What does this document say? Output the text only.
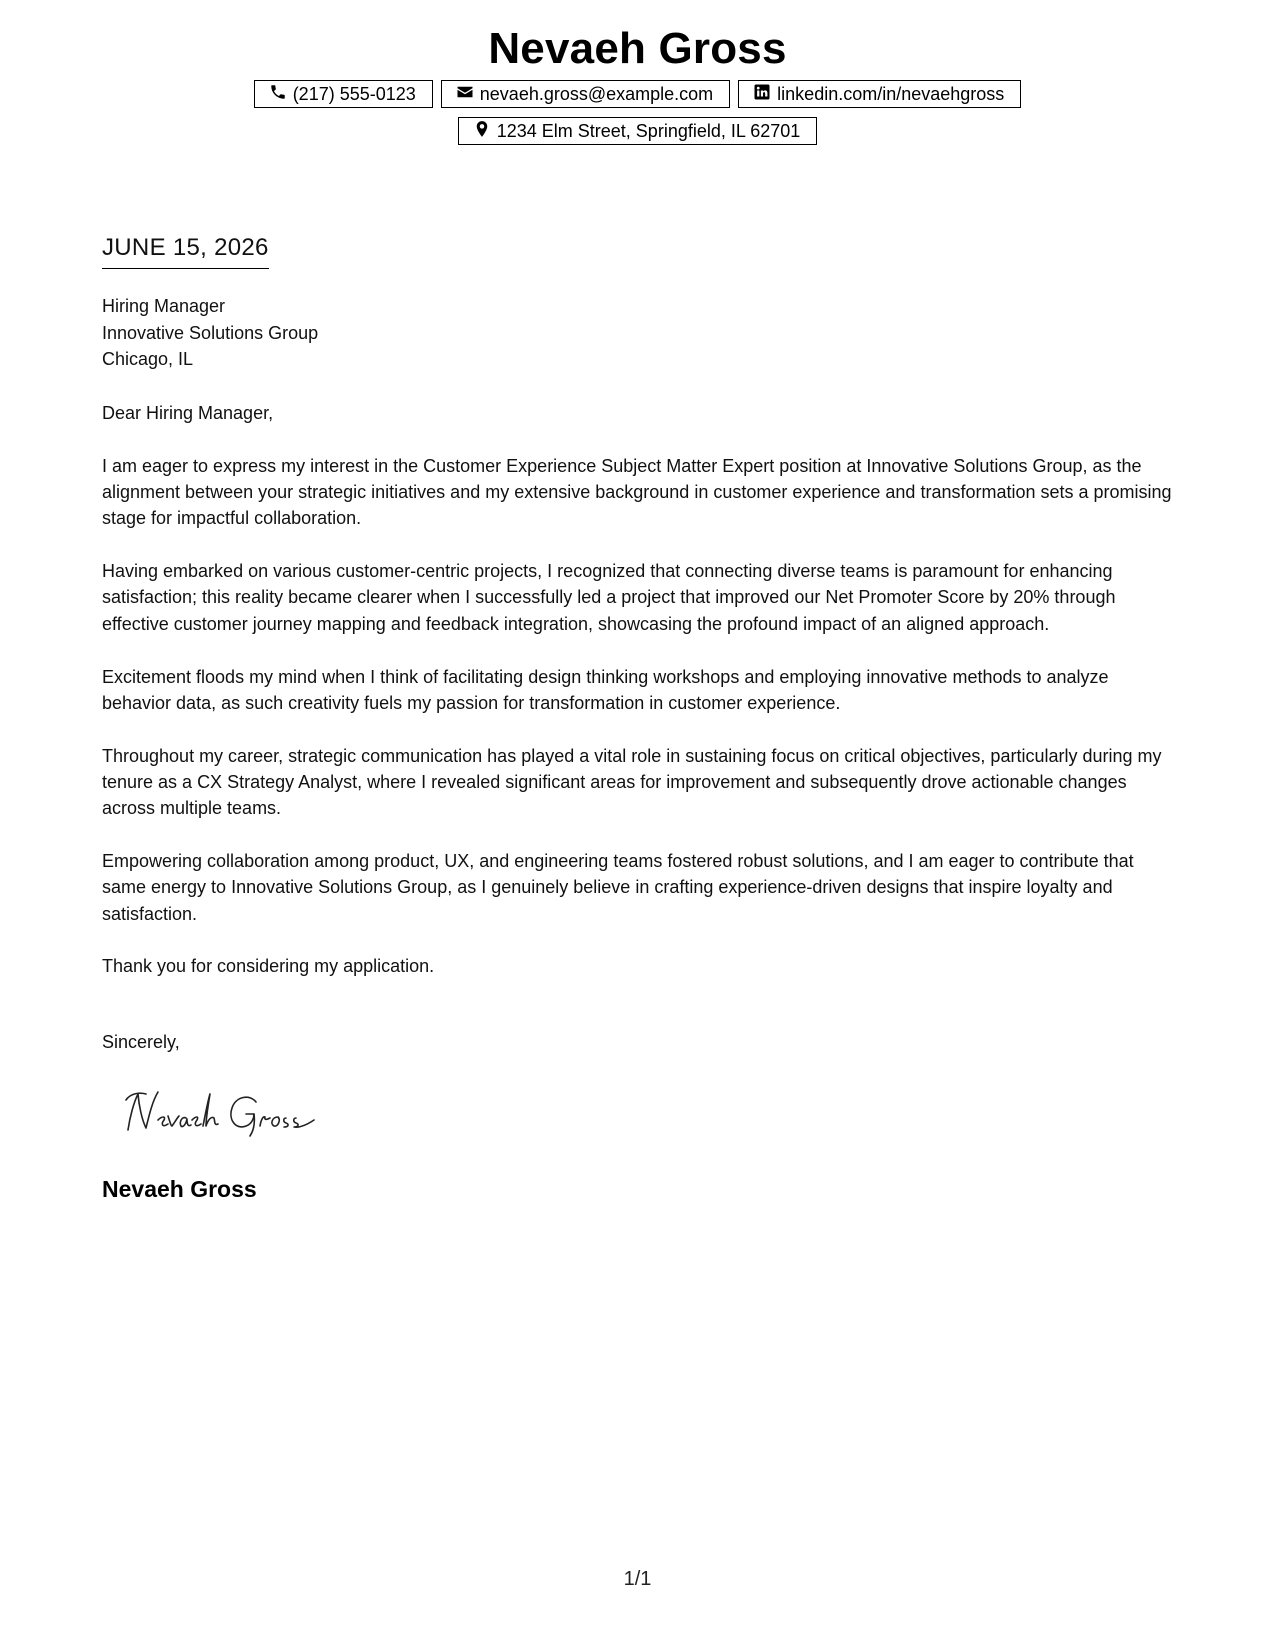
Nevaeh Gross
(217) 555-0123	nevaeh.gross@example.com	linkedin.com/in/nevaehgross
1234 Elm Street, Springfield, IL 62701
JUNE 15, 2026
Hiring Manager
Innovative Solutions Group
Chicago, IL

Dear Hiring Manager,

I am eager to express my interest in the Customer Experience Subject Matter Expert position at Innovative Solutions Group, as the alignment between your strategic initiatives and my extensive background in customer experience and transformation sets a promising stage for impactful collaboration.

Having embarked on various customer-centric projects, I recognized that connecting diverse teams is paramount for enhancing satisfaction; this reality became clearer when I successfully led a project that improved our Net Promoter Score by 20% through effective customer journey mapping and feedback integration, showcasing the profound impact of an aligned approach.

Excitement floods my mind when I think of facilitating design thinking workshops and employing innovative methods to analyze behavior data, as such creativity fuels my passion for transformation in customer experience.

Throughout my career, strategic communication has played a vital role in sustaining focus on critical objectives, particularly during my tenure as a CX Strategy Analyst, where I revealed significant areas for improvement and subsequently drove actionable changes across multiple teams.

Empowering collaboration among product, UX, and engineering teams fostered robust solutions, and I am eager to contribute that same energy to Innovative Solutions Group, as I genuinely believe in crafting experience-driven designs that inspire loyalty and satisfaction.

Thank you for considering my application.

Sincerely,
Nevaeh Gross
1/1
